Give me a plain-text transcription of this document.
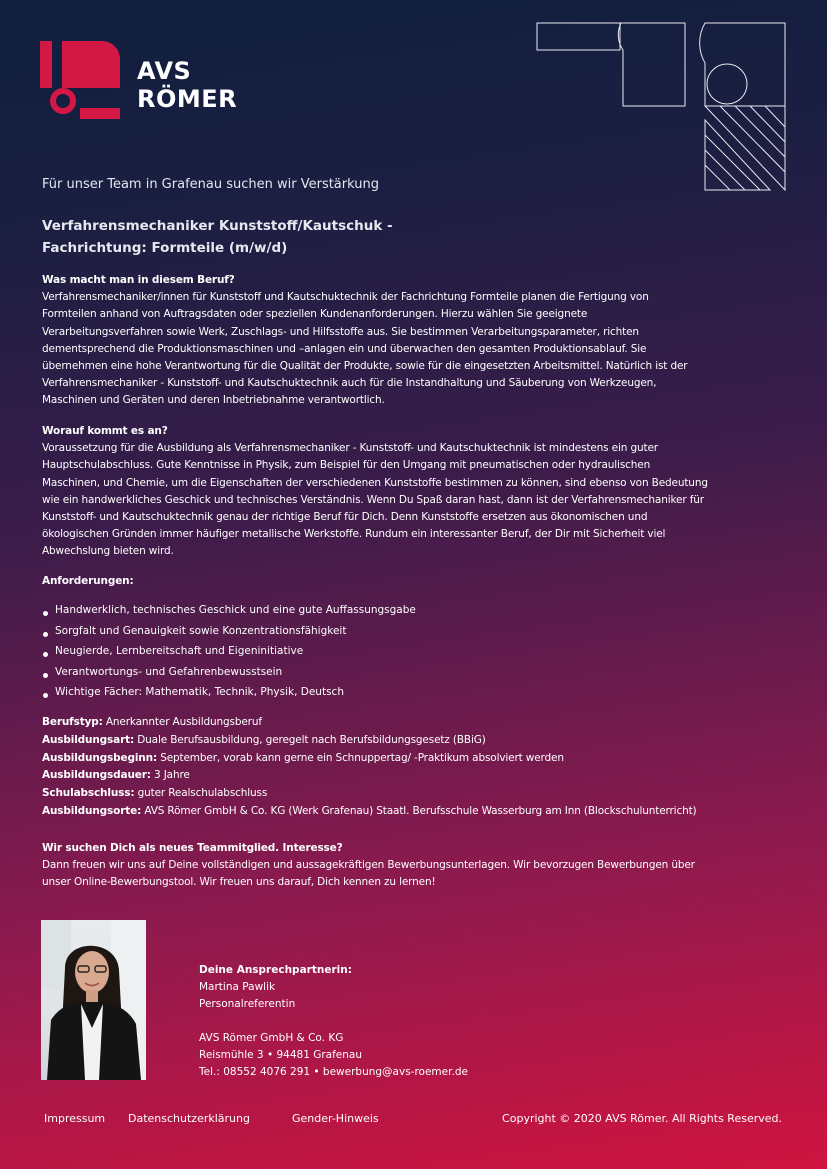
AVS
RÖMER
Für unser Team in Grafenau suchen wir Verstärkung
Verfahrensmechaniker Kunststoff/Kautschuk -
Fachrichtung: Formteile (m/w/d)
Was macht man in diesem Beruf?
Verfahrensmechaniker/innen für Kunststoff und Kautschuktechnik der Fachrichtung Formteile planen die Fertigung von
Formteilen anhand von Auftragsdaten oder speziellen Kundenanforderungen. Hierzu wählen Sie geeignete
Verarbeitungsverfahren sowie Werk, Zuschlags- und Hilfsstoffe aus. Sie bestimmen Verarbeitungsparameter, richten
dementsprechend die Produktionsmaschinen und –anlagen ein und überwachen den gesamten Produktionsablauf. Sie
übernehmen eine hohe Verantwortung für die Qualität der Produkte, sowie für die eingesetzten Arbeitsmittel. Natürlich ist der
Verfahrensmechaniker - Kunststoff- und Kautschuktechnik auch für die Instandhaltung und Säuberung von Werkzeugen,
Maschinen und Geräten und deren Inbetriebnahme verantwortlich.
Worauf kommt es an?
Voraussetzung für die Ausbildung als Verfahrensmechaniker - Kunststoff- und Kautschuktechnik ist mindestens ein guter
Hauptschulabschluss. Gute Kenntnisse in Physik, zum Beispiel für den Umgang mit pneumatischen oder hydraulischen
Maschinen, und Chemie, um die Eigenschaften der verschiedenen Kunststoffe bestimmen zu können, sind ebenso von Bedeutung
wie ein handwerkliches Geschick und technisches Verständnis. Wenn Du Spaß daran hast, dann ist der Verfahrensmechaniker für
Kunststoff- und Kautschuktechnik genau der richtige Beruf für Dich. Denn Kunststoffe ersetzen aus ökonomischen und
ökologischen Gründen immer häufiger metallische Werkstoffe. Rundum ein interessanter Beruf, der Dir mit Sicherheit viel
Abwechslung bieten wird.
Anforderungen:
Handwerklich, technisches Geschick und eine gute Auffassungsgabe
Sorgfalt und Genauigkeit sowie Konzentrationsfähigkeit
Neugierde, Lernbereitschaft und Eigeninitiative
Verantwortungs- und Gefahrenbewusstsein
Wichtige Fächer: Mathematik, Technik, Physik, Deutsch
Berufstyp: Anerkannter Ausbildungsberuf
Ausbildungsart: Duale Berufsausbildung, geregelt nach Berufsbildungsgesetz (BBiG)
Ausbildungsbeginn: September, vorab kann gerne ein Schnuppertag/ -Praktikum absolviert werden
Ausbildungsdauer: 3 Jahre
Schulabschluss: guter Realschulabschluss
Ausbildungsorte: AVS Römer GmbH & Co. KG (Werk Grafenau) Staatl. Berufsschule Wasserburg am Inn (Blockschulunterricht)
Wir suchen Dich als neues Teammitglied. Interesse?
Dann freuen wir uns auf Deine vollständigen und aussagekräftigen Bewerbungsunterlagen. Wir bevorzugen Bewerbungen über
unser Online-Bewerbungstool. Wir freuen uns darauf, Dich kennen zu lernen!
Deine Ansprechpartnerin:
Martina Pawlik
Personalreferentin
AVS Römer GmbH & Co. KG
Reismühle 3 • 94481 Grafenau
Tel.: 08552 4076 291 • bewerbung@avs-roemer.de
Impressum Datenschutzerklärung	Gender-Hinweis	Copyright © 2020 AVS Römer. All Rights Reserved.
